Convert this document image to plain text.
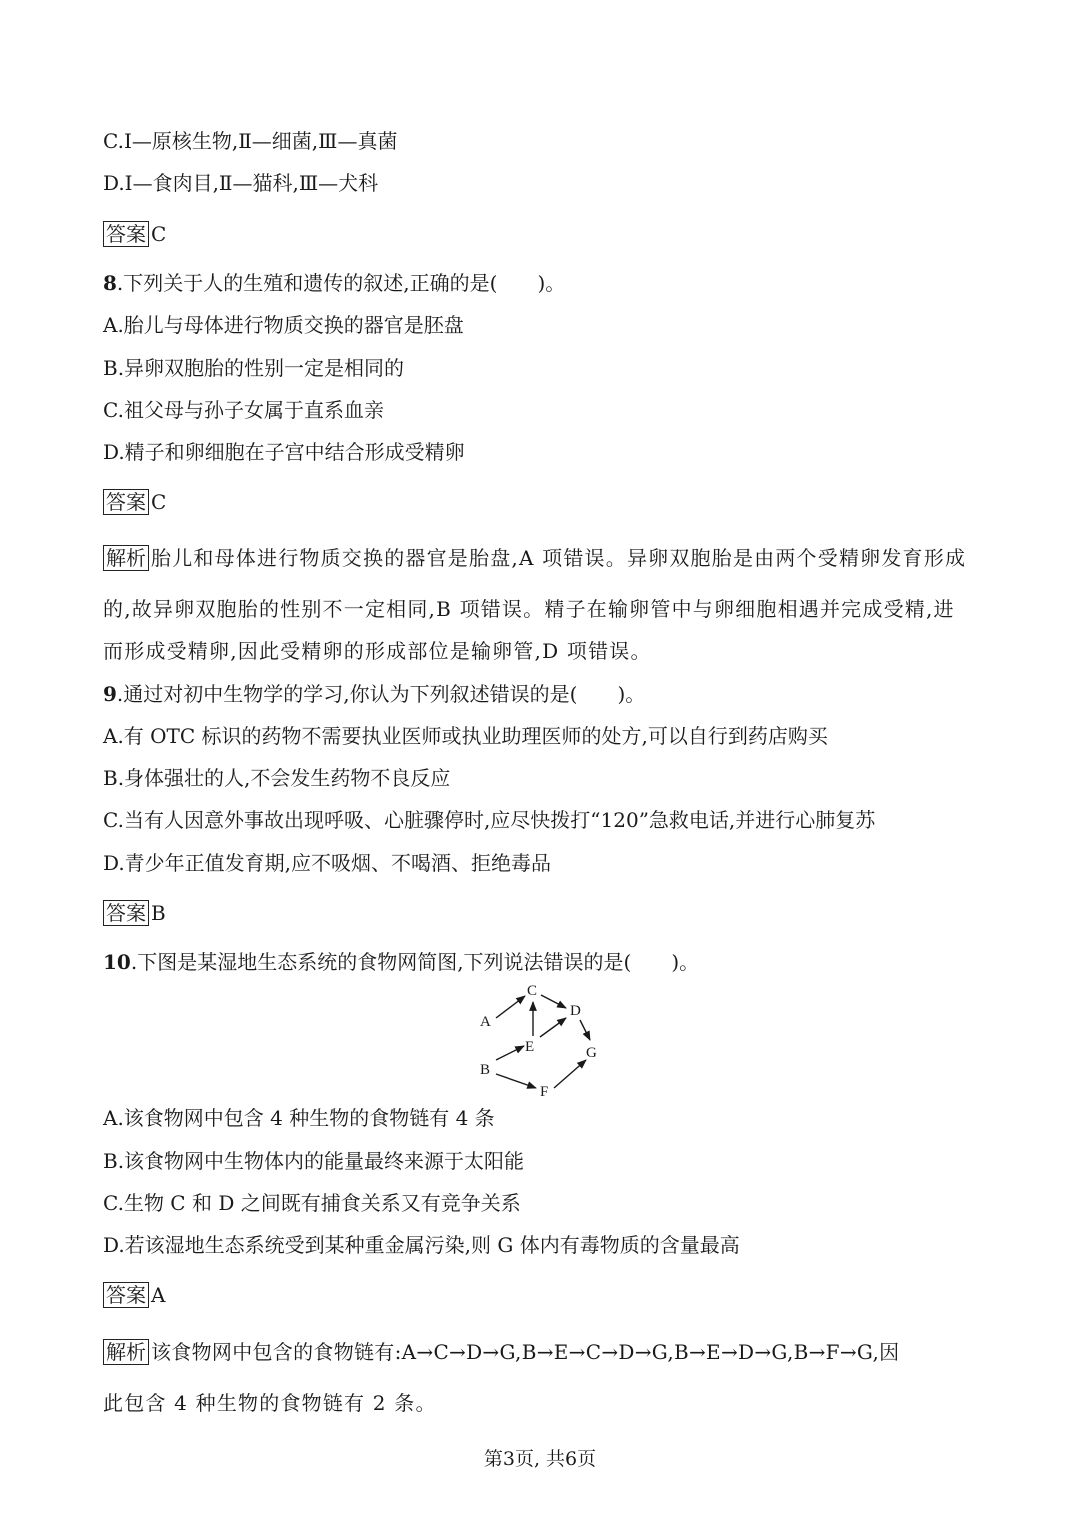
C.Ⅰ—原核生物,Ⅱ—细菌,Ⅲ—真菌
D.Ⅰ—食肉目,Ⅱ—猫科,Ⅲ—犬科
答案 C
8.下列关于人的生殖和遗传的叙述,正确的是(　　)。
A.胎儿与母体进行物质交换的器官是胚盘
B.异卵双胞胎的性别一定是相同的
C.祖父母与孙子女属于直系血亲
D.精子和卵细胞在子宫中结合形成受精卵
答案 C
解析 胎儿和母体进行物质交换的器官是胎盘,A 项错误。异卵双胞胎是由两个受精卵发育形成
的,故异卵双胞胎的性别不一定相同,B 项错误。精子在输卵管中与卵细胞相遇并完成受精,进
而形成受精卵,因此受精卵的形成部位是输卵管,D 项错误。
9.通过对初中生物学的学习,你认为下列叙述错误的是(　　)。
A.有 OTC 标识的药物不需要执业医师或执业助理医师的处方,可以自行到药店购买
B.身体强壮的人,不会发生药物不良反应
C.当有人因意外事故出现呼吸、心脏骤停时,应尽快拨打“120”急救电话,并进行心肺复苏
D.青少年正值发育期,应不吸烟、不喝酒、拒绝毒品
答案 B
10.下图是某湿地生态系统的食物网简图,下列说法错误的是(　　)。
A
B
C
D
E
F
G
A.该食物网中包含 4 种生物的食物链有 4 条
B.该食物网中生物体内的能量最终来源于太阳能
C.生物 C 和 D 之间既有捕食关系又有竞争关系
D.若该湿地生态系统受到某种重金属污染,则 G 体内有毒物质的含量最高
答案 A
解析 该食物网中包含的食物链有:A→C→D→G,B→E→C→D→G,B→E→D→G,B→F→G,因
此包含 4 种生物的食物链有 2 条。
第3页, 共6页
